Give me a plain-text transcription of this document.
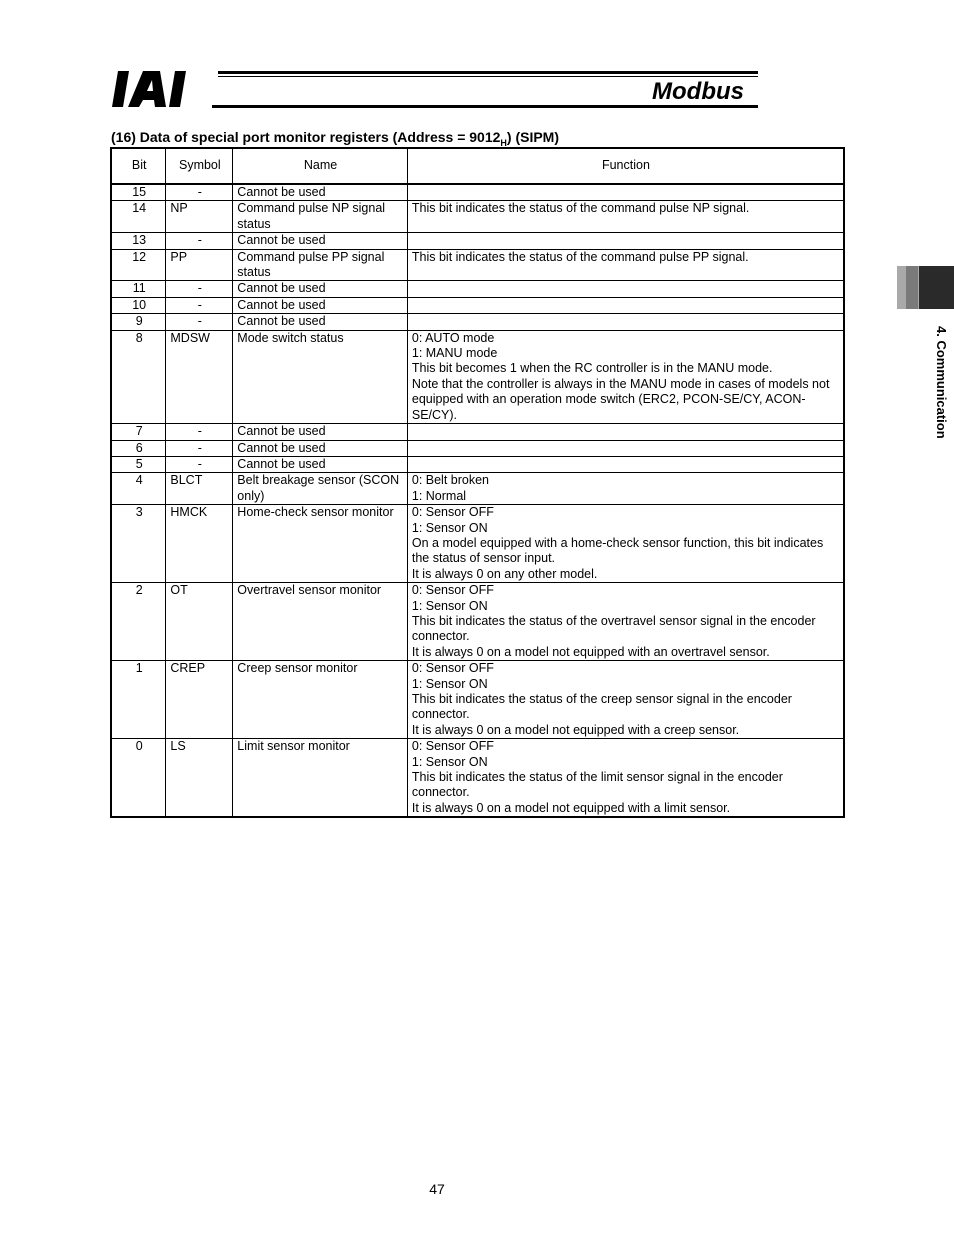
Modbus
(16) Data of special port monitor registers (Address = $9012_H$) (SIPM)
Bit	Symbol	Name	Function
15	-	Cannot be used	
14	NP	Command pulse NP signal status	This bit indicates the status of the command pulse NP signal.

13	-	Cannot be used	
12	PP	Command pulse PP signal status	This bit indicates the status of the command pulse PP signal.

11	-	Cannot be used	
10	-	Cannot be used	
9	-	Cannot be used	
8	MDSW	Mode switch status	0: AUTO mode
1: MANU mode
This bit becomes 1 when the RC controller is in the MANU mode.
Note that the controller is always in the MANU mode in cases of models not equipped with an operation mode switch (ERC2, PCON-SE/CY, ACON-SE/CY).

7	-	Cannot be used	
6	-	Cannot be used	
5	-	Cannot be used	
4	BLCT	Belt breakage sensor (SCON only)	0: Belt broken
1: Normal

3	HMCK	Home-check sensor monitor	0: Sensor OFF
1: Sensor ON
On a model equipped with a home-check sensor function, this bit indicates the status of sensor input.
It is always 0 on any other model.

2	OT	Overtravel sensor monitor	0: Sensor OFF
1: Sensor ON
This bit indicates the status of the overtravel sensor signal in the encoder connector.
It is always 0 on a model not equipped with an overtravel sensor.

1	CREP	Creep sensor monitor	0: Sensor OFF
1: Sensor ON
This bit indicates the status of the creep sensor signal in the encoder connector.
It is always 0 on a model not equipped with a creep sensor.

0	LS	Limit sensor monitor	0: Sensor OFF
1: Sensor ON
This bit indicates the status of the limit sensor signal in the encoder connector.
It is always 0 on a model not equipped with a limit sensor.
4. Communication
47
